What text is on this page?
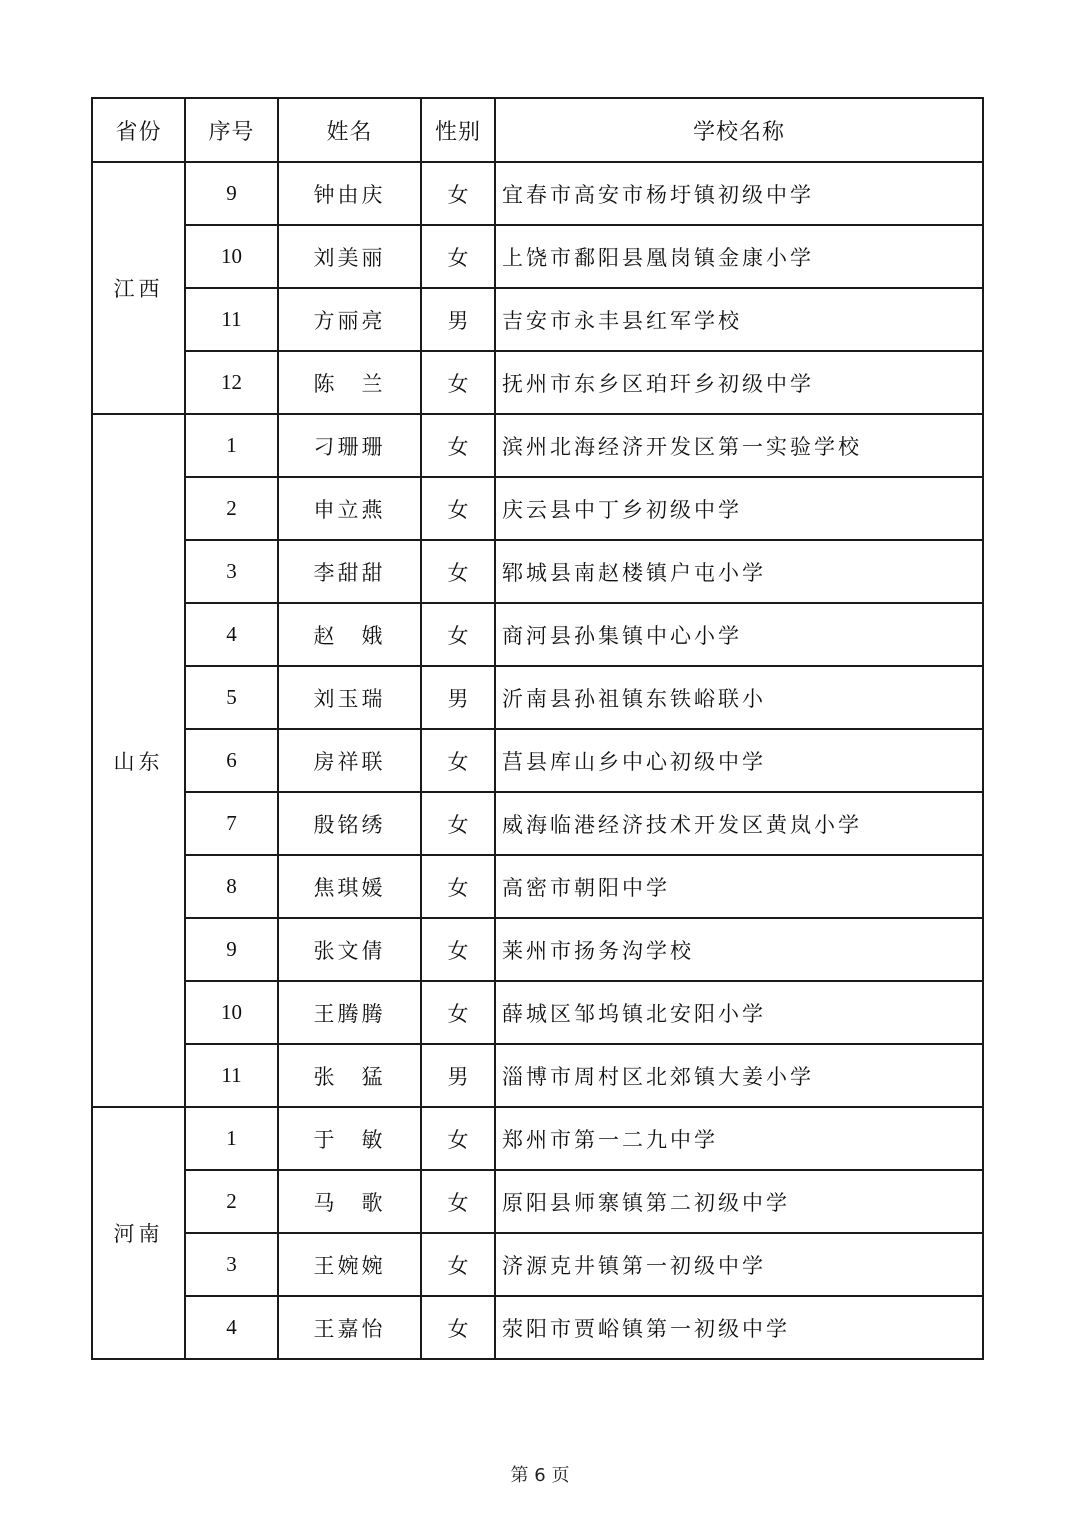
省份	序号	姓名	性别	学校名称
江西	9	钟由庆	女	宜春市高安市杨圩镇初级中学
	10	刘美丽	女	上饶市鄱阳县凰岗镇金康小学
	11	方丽亮	男	吉安市永丰县红军学校
	12	陈　兰	女	抚州市东乡区珀玕乡初级中学
山东	1	刁珊珊	女	滨州北海经济开发区第一实验学校
	2	申立燕	女	庆云县中丁乡初级中学
	3	李甜甜	女	郓城县南赵楼镇户屯小学
	4	赵　娥	女	商河县孙集镇中心小学
	5	刘玉瑞	男	沂南县孙祖镇东铁峪联小
	6	房祥联	女	莒县库山乡中心初级中学
	7	殷铭绣	女	威海临港经济技术开发区黄岚小学
	8	焦琪媛	女	高密市朝阳中学
	9	张文倩	女	莱州市扬务沟学校
	10	王腾腾	女	薛城区邹坞镇北安阳小学
	11	张　猛	男	淄博市周村区北郊镇大姜小学
河南	1	于　敏	女	郑州市第一二九中学
	2	马　歌	女	原阳县师寨镇第二初级中学
	3	王婉婉	女	济源克井镇第一初级中学
	4	王嘉怡	女	荥阳市贾峪镇第一初级中学
第 6 页
